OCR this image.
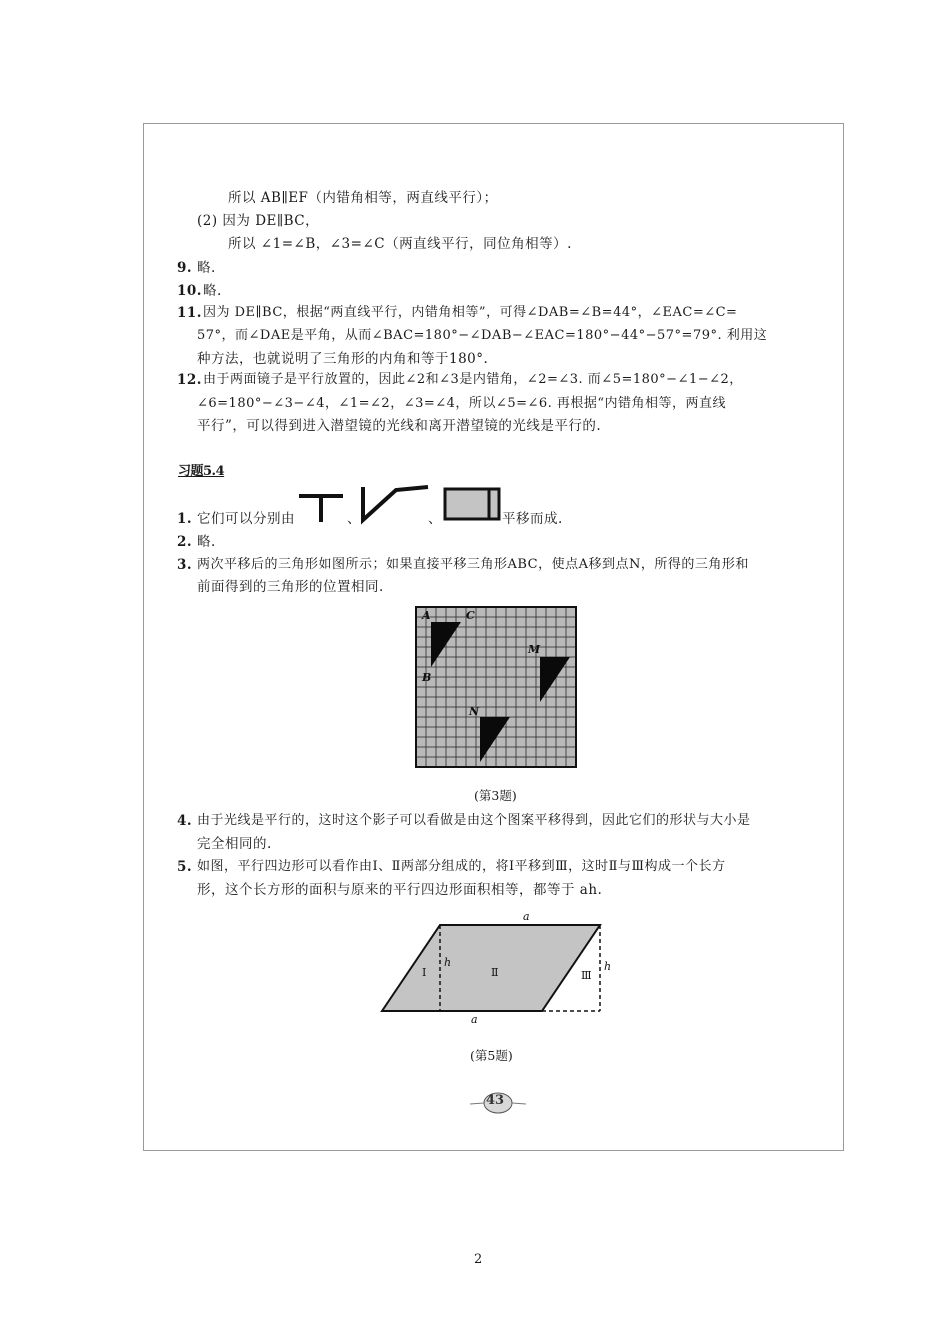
所以 AB∥EF（内错角相等，两直线平行）；
(2) 因为 DE∥BC，
所以 ∠1=∠B，∠3=∠C（两直线平行，同位角相等）.
9. 略.
10. 略.
11. 因为 DE∥BC，根据“两直线平行，内错角相等”，可得∠DAB=∠B=44°，∠EAC=∠C=
57°，而∠DAE是平角，从而∠BAC=180°−∠DAB−∠EAC=180°−44°−57°=79°. 利用这
种方法，也就说明了三角形的内角和等于180°.
12. 由于两面镜子是平行放置的，因此∠2和∠3是内错角，∠2=∠3. 而∠5=180°−∠1−∠2，
∠6=180°−∠3−∠4，∠1=∠2，∠3=∠4，所以∠5=∠6. 再根据“内错角相等，两直线
平行”，可以得到进入潜望镜的光线和离开潜望镜的光线是平行的.
习题5.4
1. 它们可以分别由	、	、	平移而成.
2. 略.
3. 两次平移后的三角形如图所示；如果直接平移三角形ABC，使点A移到点N，所得的三角形和
前面得到的三角形的位置相同.
A	C
B
M
N
(第3题)
4. 由于光线是平行的，这时这个影子可以看做是由这个图案平移得到，因此它们的形状与大小是
完全相同的.
5. 如图，平行四边形可以看作由Ⅰ、Ⅱ两部分组成的，将Ⅰ平移到Ⅲ，这时Ⅱ与Ⅲ构成一个长方
形，这个长方形的面积与原来的平行四边形面积相等，都等于 ah.
a
a
h	h
Ⅰ	Ⅱ	Ⅲ
(第5题)
43
2
